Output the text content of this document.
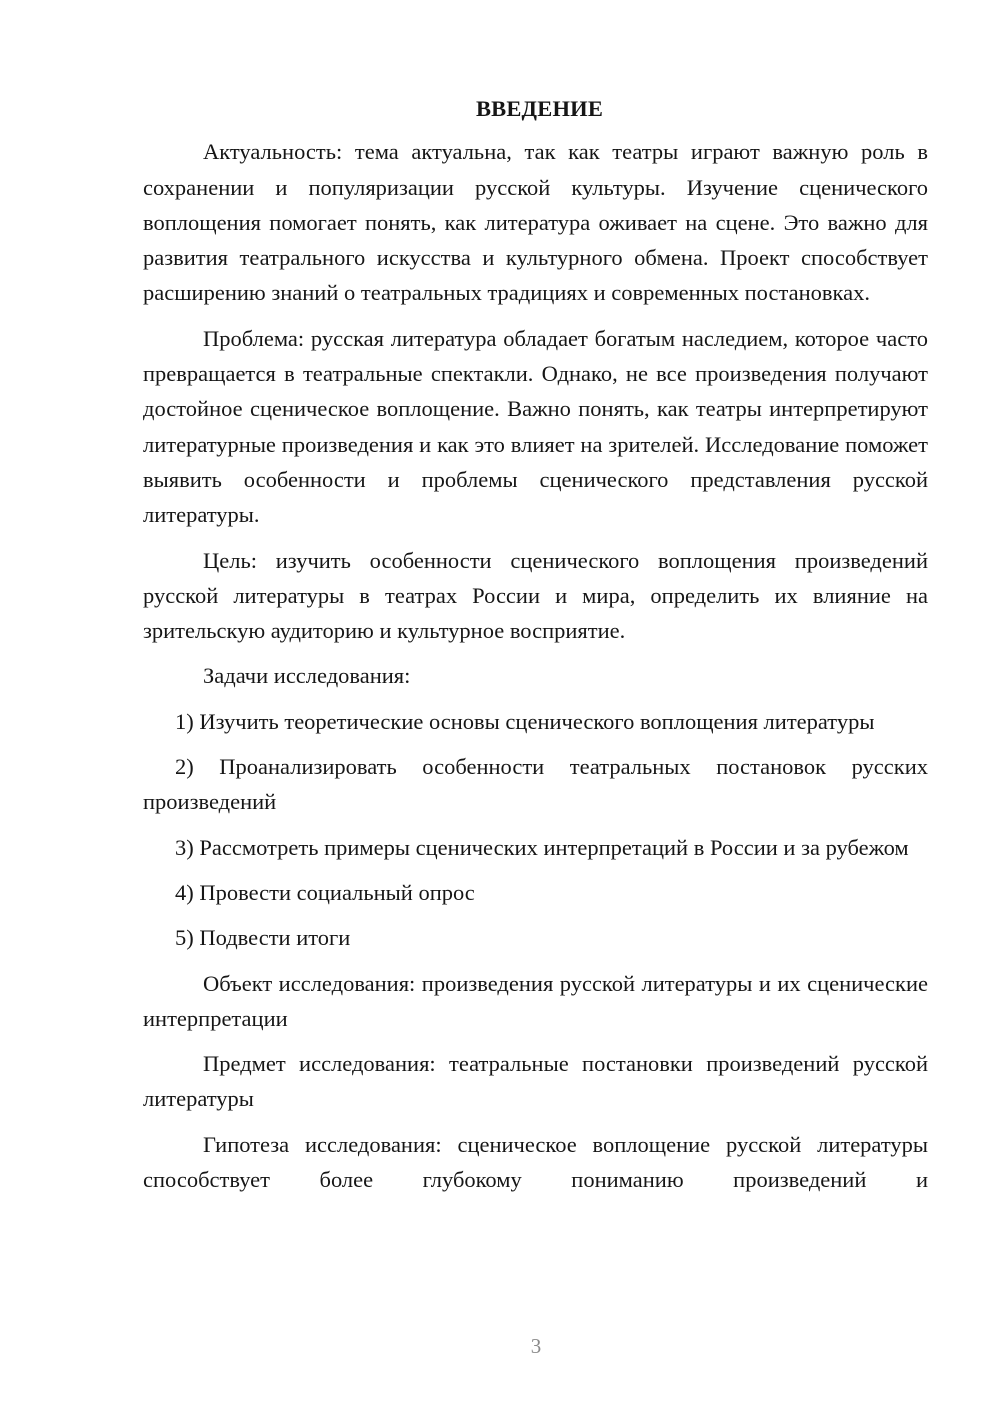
ВВЕДЕНИЕ

Актуальность: тема актуальна, так как театры играют важную роль в сохранении и популяризации русской культуры. Изучение сценического воплощения помогает понять, как литература оживает на сцене. Это важно для развития театрального искусства и культурного обмена. Проект способствует расширению знаний о театральных традициях и современных постановках.

Проблема: русская литература обладает богатым наследием, которое часто превращается в театральные спектакли. Однако, не все произведения получают достойное сценическое воплощение. Важно понять, как театры интерпретируют литературные произведения и как это влияет на зрителей. Исследование поможет выявить особенности и проблемы сценического представления русской литературы.

Цель: изучить особенности сценического воплощения произведений русской литературы в театрах России и мира, определить их влияние на зрительскую аудиторию и культурное восприятие.

Задачи исследования:

1) Изучить теоретические основы сценического воплощения литературы

2) Проанализировать особенности театральных постановок русских произведений

3) Рассмотреть примеры сценических интерпретаций в России и за рубежом

4) Провести социальный опрос

5) Подвести итоги

Объект исследования: произведения русской литературы и их сценические интерпретации

Предмет исследования: театральные постановки произведений русской литературы

Гипотеза исследования: сценическое воплощение русской литературы способствует более глубокому пониманию произведений и

3
